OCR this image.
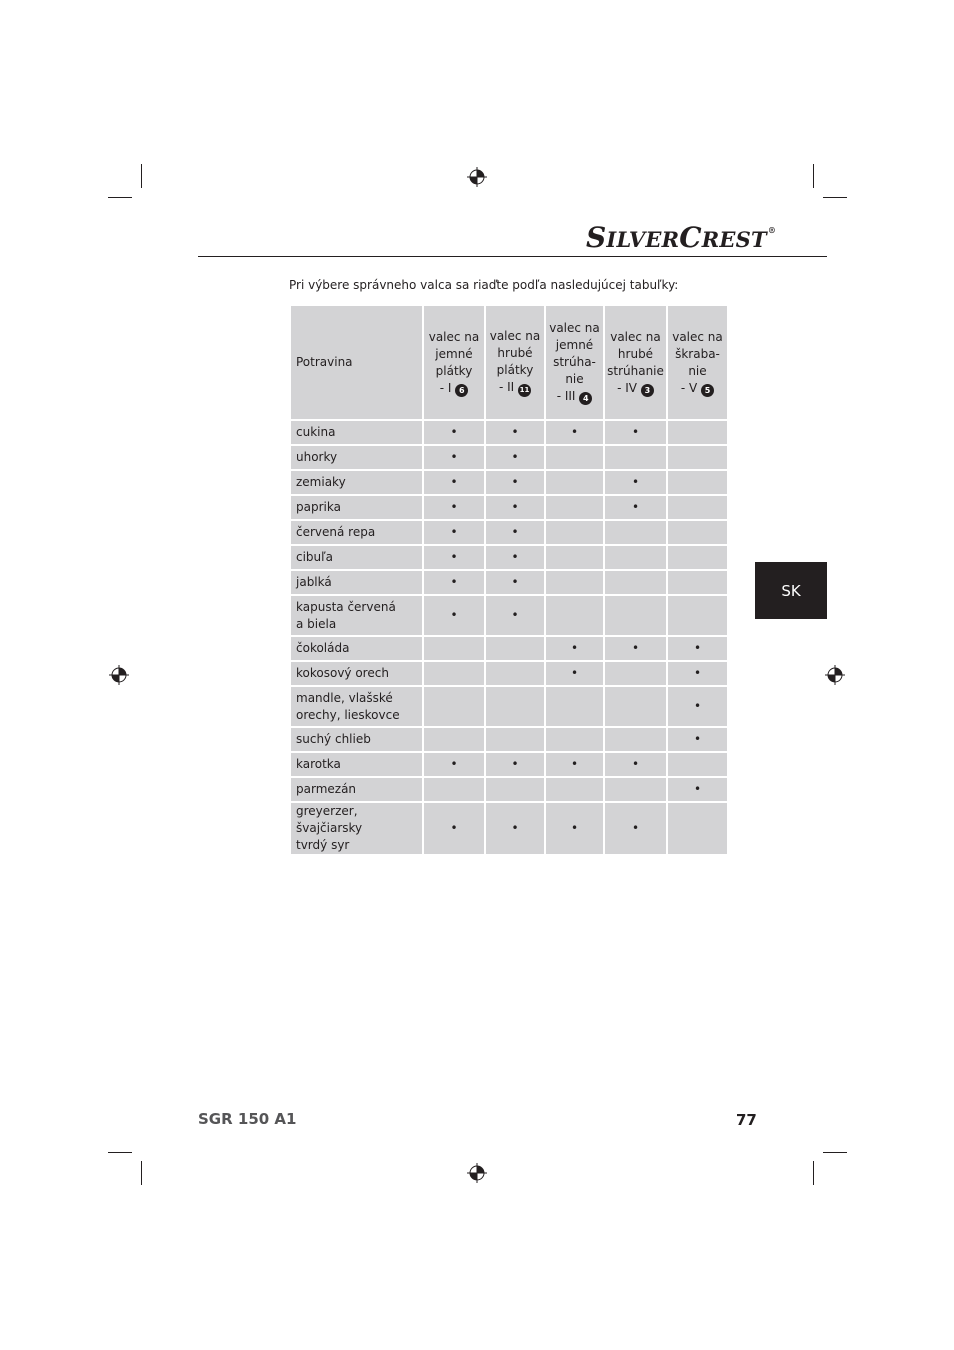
SILVERCREST®
Pri výbere správneho valca sa riaďte podľa nasledujúcej tabuľky:
SK
Potravina	valec na
jemné
plátky
- I 6	valec na
hrubé
plátky
- II 11	valec na
jemné
strúha-
nie
- III 4	valec na
hrubé
strúhanie
- IV 3	valec na
škraba-
nie
- V 5
cukina	•	•	•	•	
uhorky	•	•			
zemiaky	•	•		•	
paprika	•	•		•	
červená repa	•	•			
cibuľa	•	•			
jablká	•	•			
kapusta červená
a biela	•	•			
čokoláda			•	•	•
kokosový orech			•		•
mandle, vlašské
orechy, lieskovce					•
suchý chlieb					•
karotka	•	•	•	•	
parmezán					•
greyerzer, švajčiarsky
tvrdý syr	•	•	•	•	
SGR 150 A1	77
